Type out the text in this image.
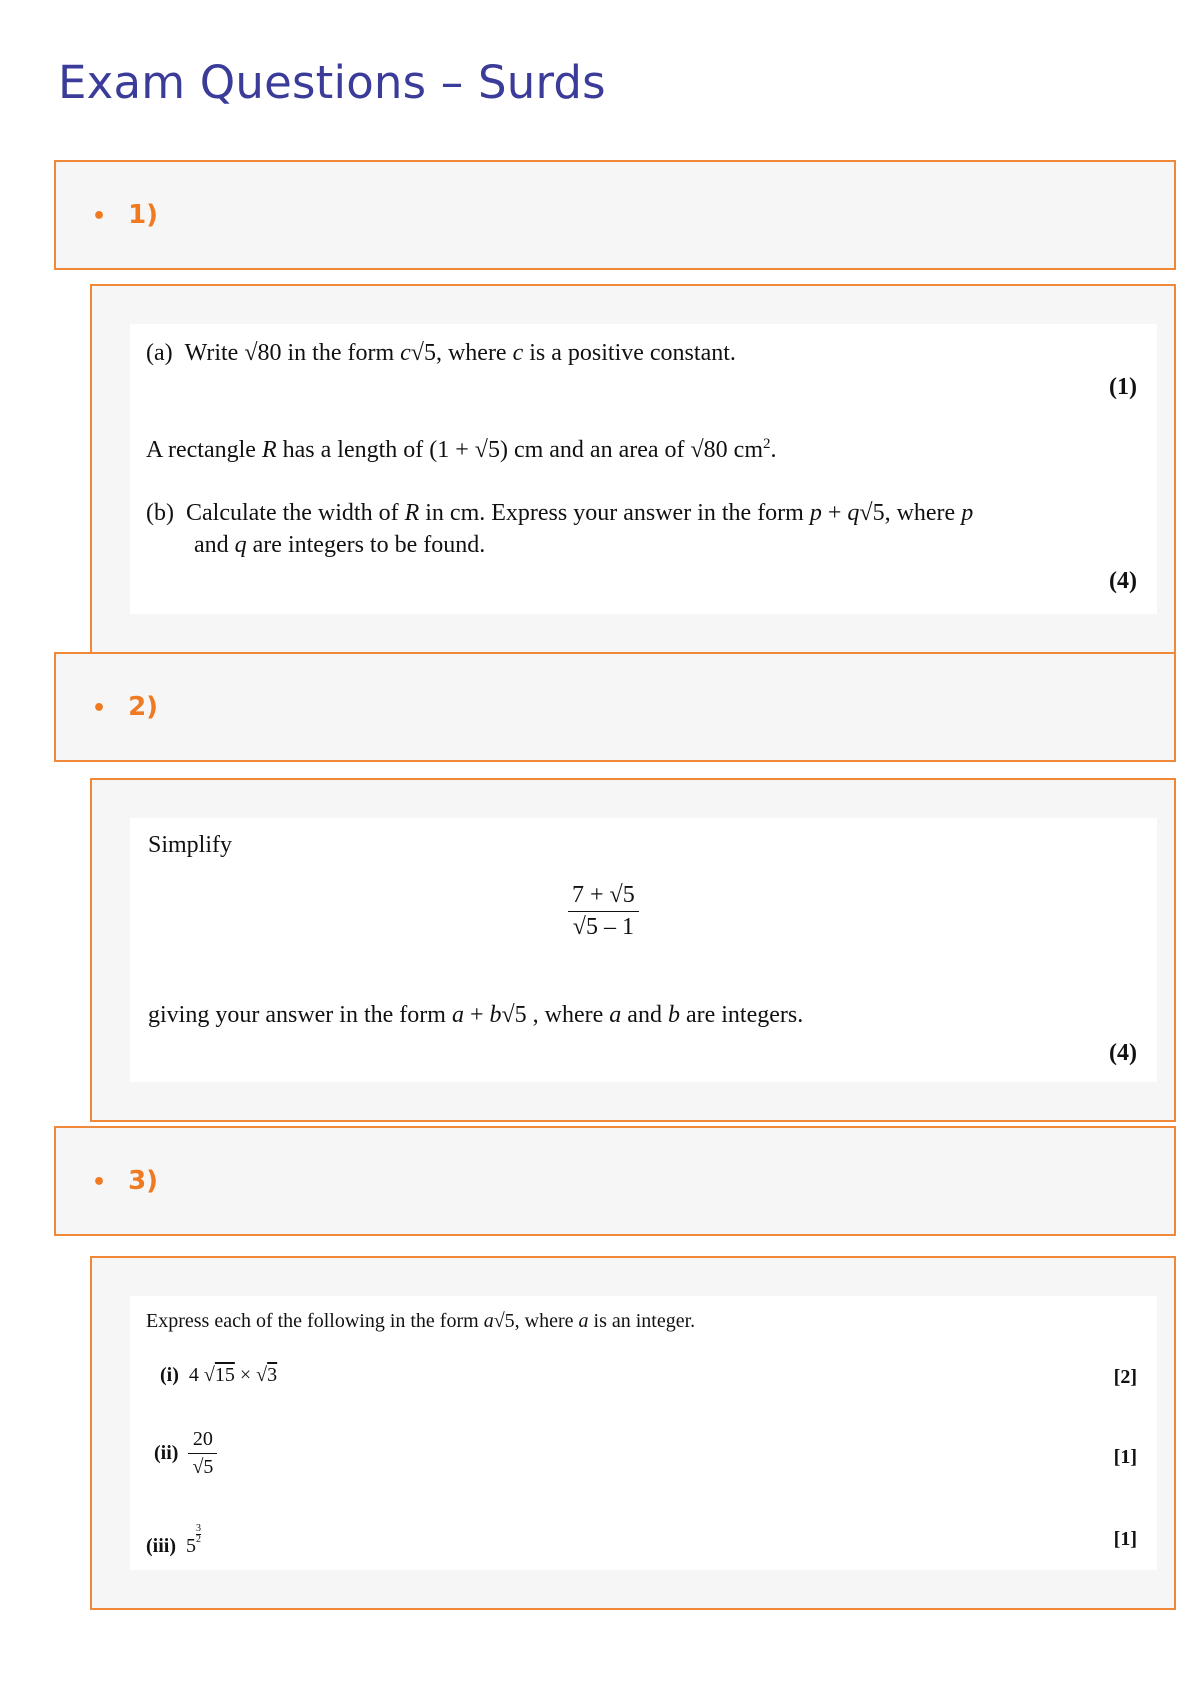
Exam Questions – Surds
• 1)
(a) Write √80 in the form c√5, where c is a positive constant.
(1)
A rectangle R has a length of (1 + √5) cm and an area of √80 $cm^2$.
(b) Calculate the width of R in cm. Express your answer in the form p + q√5, where p
and q are integers to be found.
(4)
• 2)
Simplify
$\frac{7 + √5}{√5 - 1}$
giving your answer in the form a + b√5 , where a and b are integers.
(4)
• 3)
Express each of the following in the form a√5, where a is an integer.
(i) 4 √15 × √3	[2]
$(ii) \frac{20}{√5}$	[1]
(iii) 5
$\frac{3}{2}$	[1]
